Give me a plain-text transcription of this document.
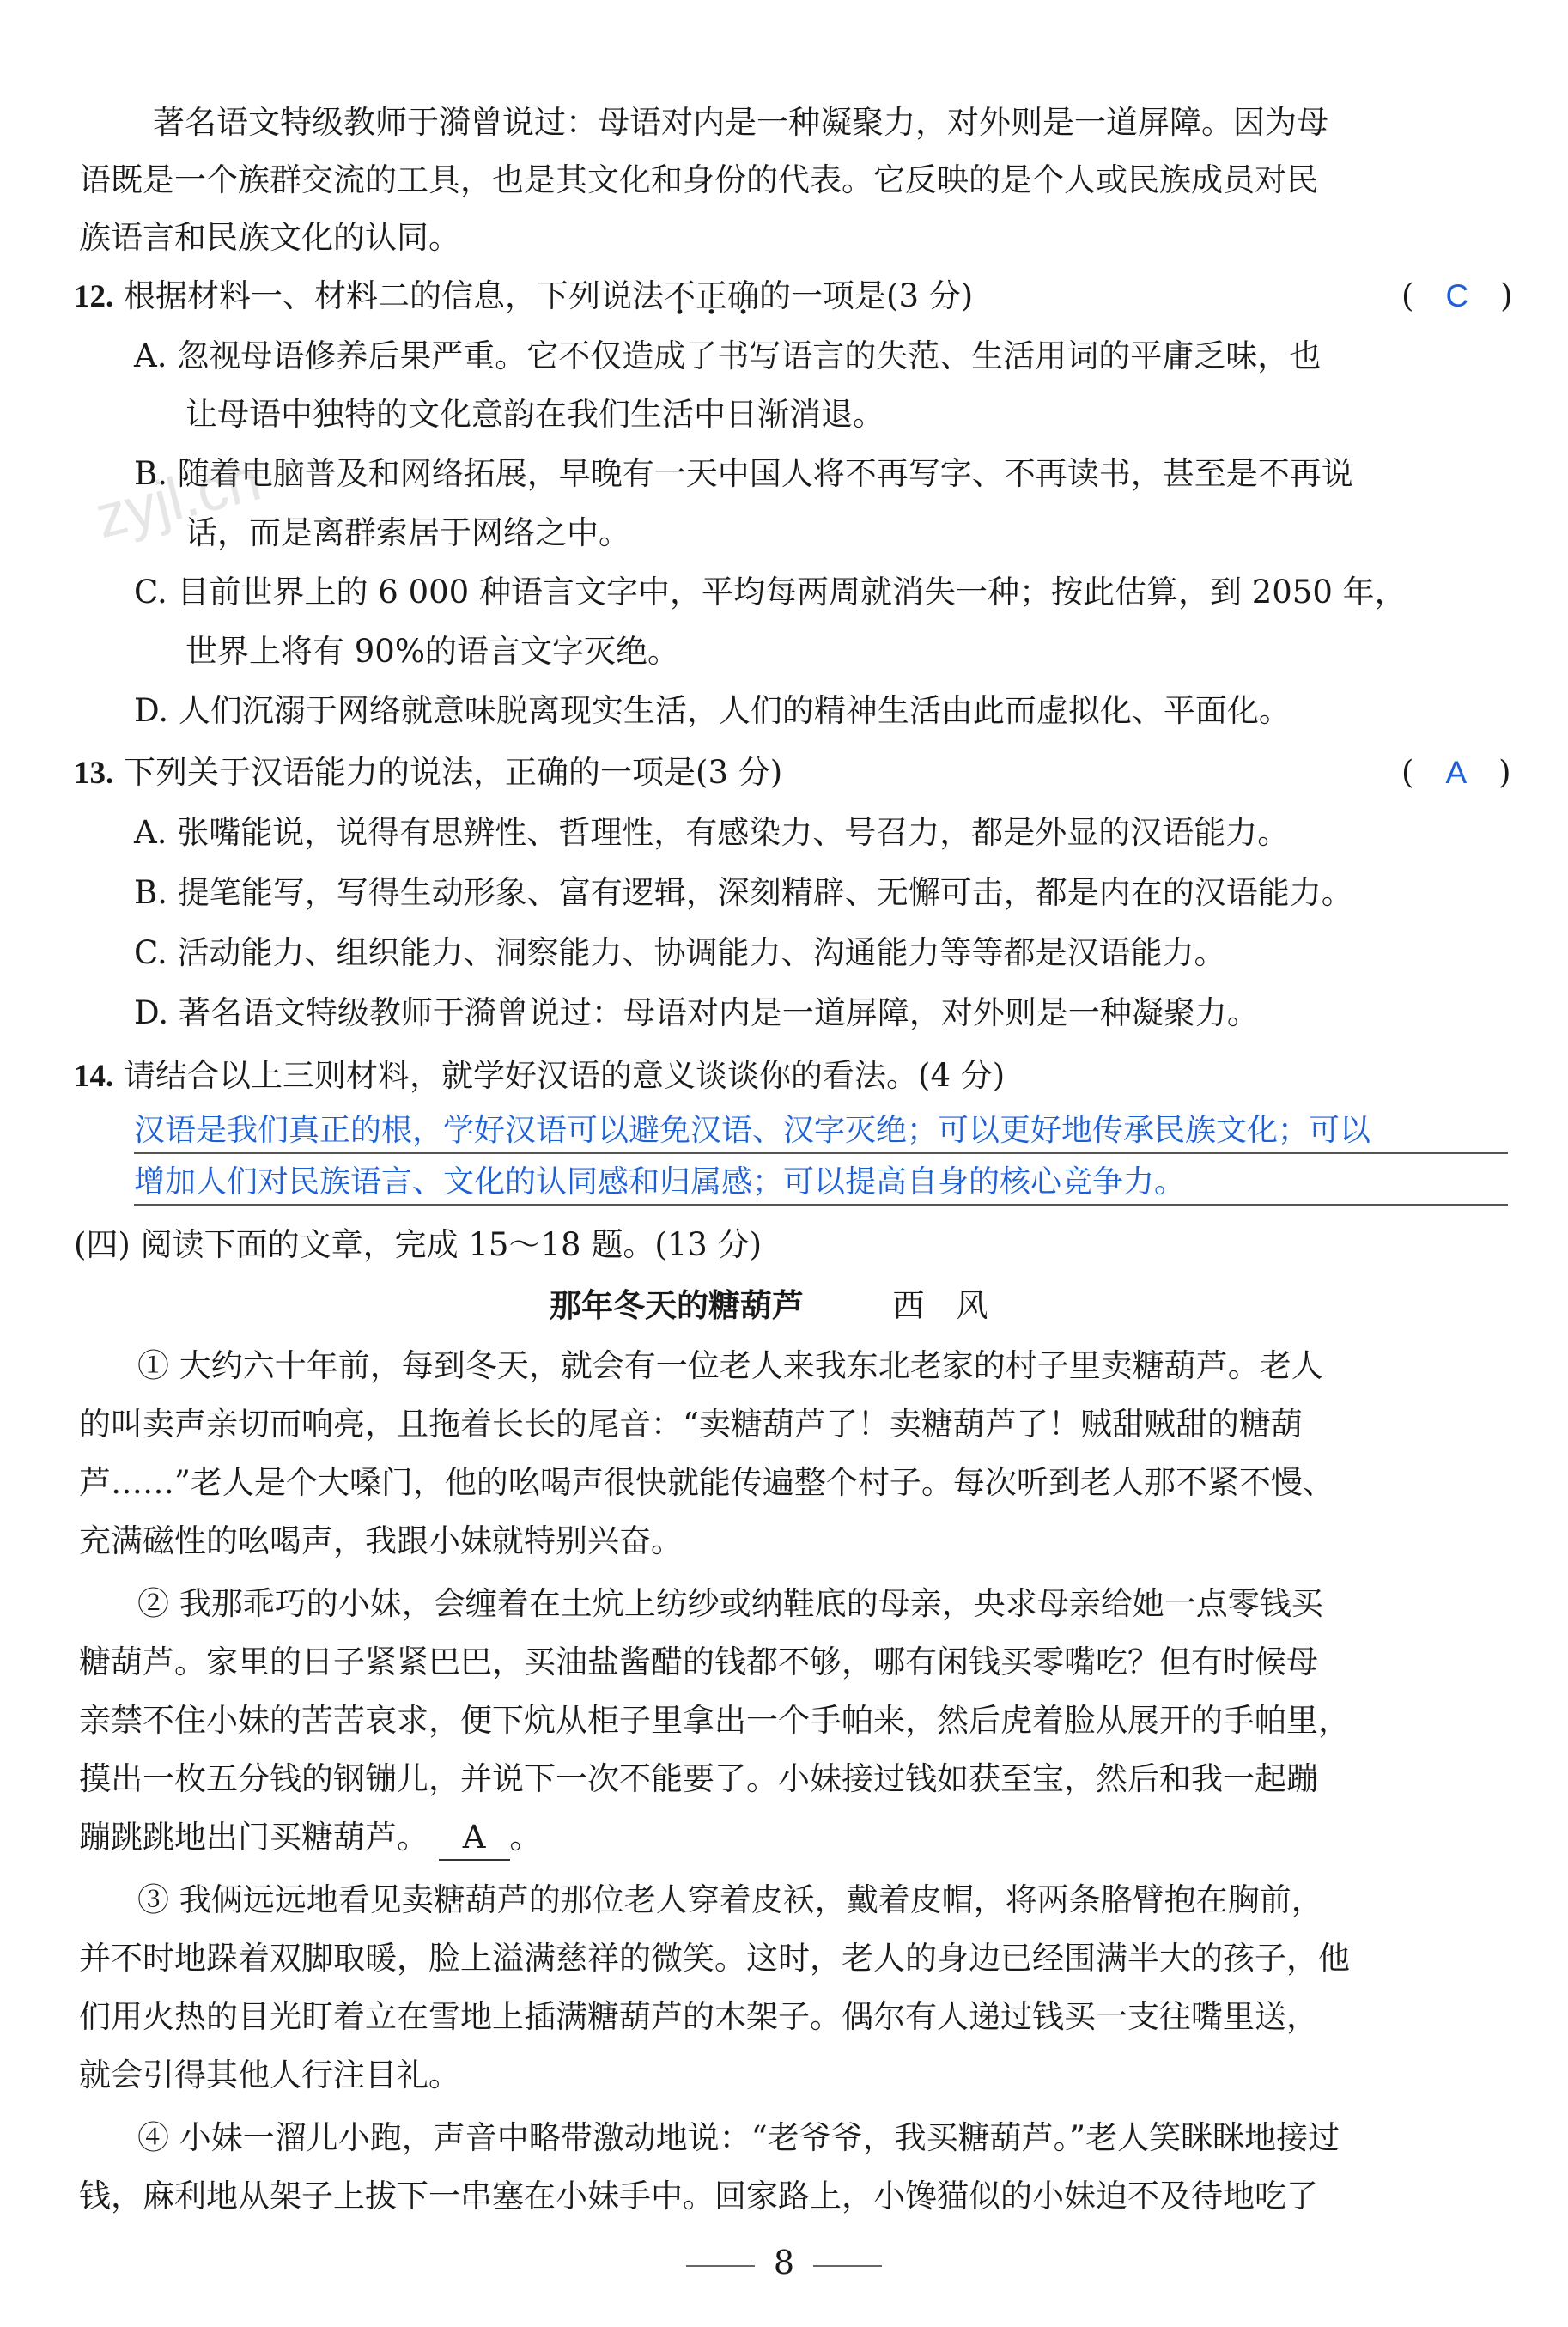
zyjl.cn
著名语文特级教师于漪曾说过：母语对内是一种凝聚力，对外则是一道屏障。因为母
语既是一个族群交流的工具，也是其文化和身份的代表。它反映的是个人或民族成员对民
族语言和民族文化的认同。
12. 根据材料一、材料二的信息，下列说法不正确的一项是(3 分)	(　C　)
A. 忽视母语修养后果严重。它不仅造成了书写语言的失范、生活用词的平庸乏味，也
让母语中独特的文化意韵在我们生活中日渐消退。
B. 随着电脑普及和网络拓展，早晚有一天中国人将不再写字、不再读书，甚至是不再说
话，而是离群索居于网络之中。
C. 目前世界上的 6 000 种语言文字中，平均每两周就消失一种；按此估算，到 2050 年，
世界上将有 90%的语言文字灭绝。
D. 人们沉溺于网络就意味脱离现实生活，人们的精神生活由此而虚拟化、平面化。
13. 下列关于汉语能力的说法，正确的一项是(3 分)	(　A　)
A. 张嘴能说，说得有思辨性、哲理性，有感染力、号召力，都是外显的汉语能力。
B. 提笔能写，写得生动形象、富有逻辑，深刻精辟、无懈可击，都是内在的汉语能力。
C. 活动能力、组织能力、洞察能力、协调能力、沟通能力等等都是汉语能力。
D. 著名语文特级教师于漪曾说过：母语对内是一道屏障，对外则是一种凝聚力。
14. 请结合以上三则材料，就学好汉语的意义谈谈你的看法。(4 分)
汉语是我们真正的根，学好汉语可以避免汉语、汉字灭绝；可以更好地传承民族文化；可以
增加人们对民族语言、文化的认同感和归属感；可以提高自身的核心竞争力。
(四) 阅读下面的文章，完成 15～18 题。(13 分)
那年冬天的糖葫芦	西　风
① 大约六十年前，每到冬天，就会有一位老人来我东北老家的村子里卖糖葫芦。老人
的叫卖声亲切而响亮，且拖着长长的尾音：“卖糖葫芦了！卖糖葫芦了！贼甜贼甜的糖葫
芦……”老人是个大嗓门，他的吆喝声很快就能传遍整个村子。每次听到老人那不紧不慢、
充满磁性的吆喝声，我跟小妹就特别兴奋。
② 我那乖巧的小妹，会缠着在土炕上纺纱或纳鞋底的母亲，央求母亲给她一点零钱买
糖葫芦。家里的日子紧紧巴巴，买油盐酱醋的钱都不够，哪有闲钱买零嘴吃？但有时候母
亲禁不住小妹的苦苦哀求，便下炕从柜子里拿出一个手帕来，然后虎着脸从展开的手帕里，
摸出一枚五分钱的钢镚儿，并说下一次不能要了。小妹接过钱如获至宝，然后和我一起蹦
蹦跳跳地出门买糖葫芦。 A 。
③ 我俩远远地看见卖糖葫芦的那位老人穿着皮袄，戴着皮帽，将两条胳臂抱在胸前，
并不时地跺着双脚取暖，脸上溢满慈祥的微笑。这时，老人的身边已经围满半大的孩子，他
们用火热的目光盯着立在雪地上插满糖葫芦的木架子。偶尔有人递过钱买一支往嘴里送，
就会引得其他人行注目礼。
④ 小妹一溜儿小跑，声音中略带激动地说：“老爷爷，我买糖葫芦。”老人笑眯眯地接过
钱，麻利地从架子上拔下一串塞在小妹手中。回家路上，小馋猫似的小妹迫不及待地吃了
8
